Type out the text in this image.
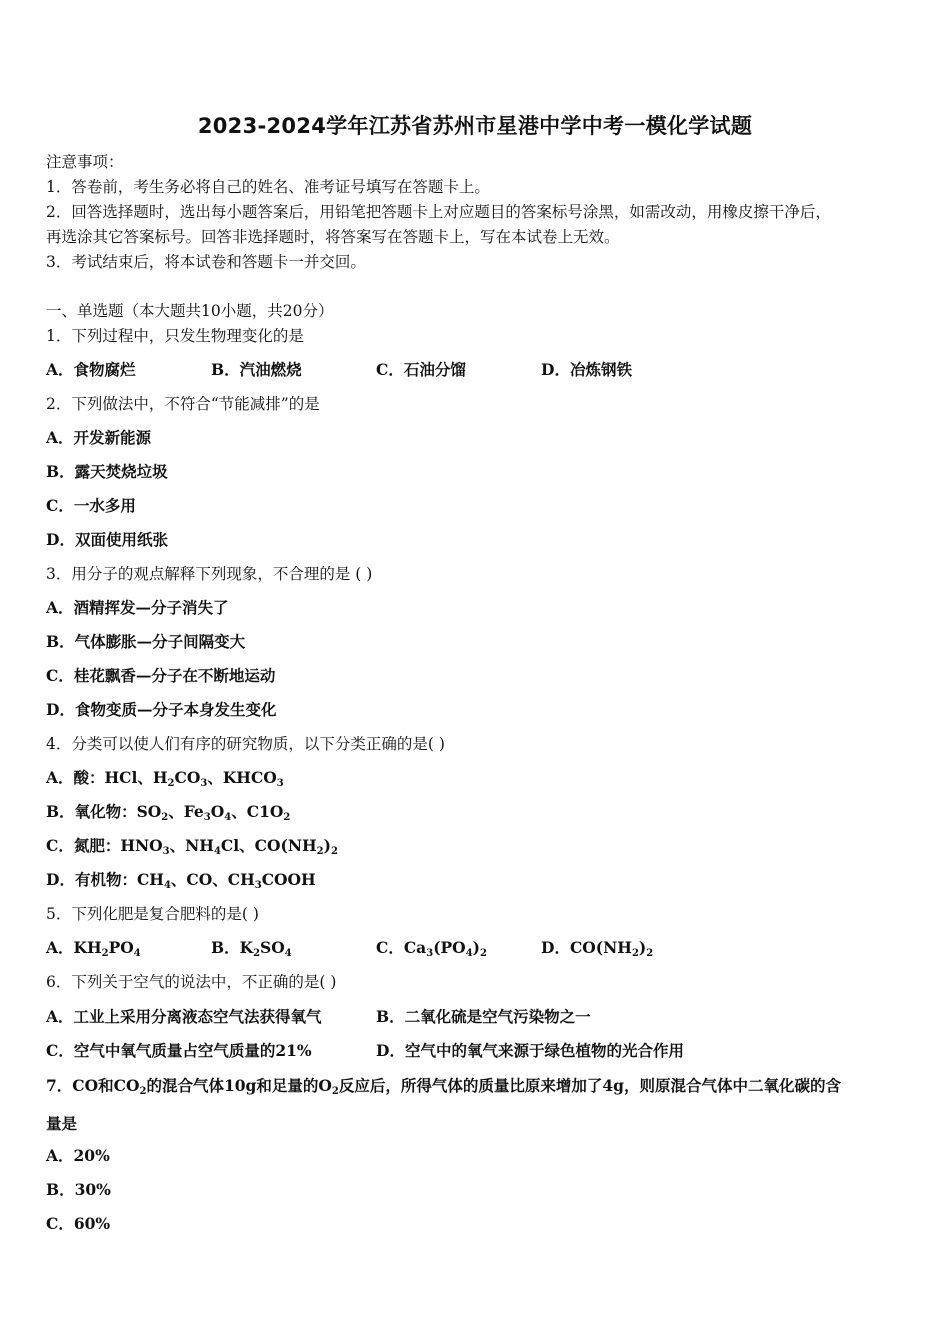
2023-2024学年江苏省苏州市星港中学中考一模化学试题
注意事项：
1．答卷前，考生务必将自己的姓名、准考证号填写在答题卡上。
2．回答选择题时，选出每小题答案后，用铅笔把答题卡上对应题目的答案标号涂黑，如需改动，用橡皮擦干净后，
再选涂其它答案标号。回答非选择题时，将答案写在答题卡上，写在本试卷上无效。
3．考试结束后，将本试卷和答题卡一并交回。
一、单选题（本大题共10小题，共20分）
1．下列过程中，只发生物理变化的是
A．食物腐烂	B．汽油燃烧	C．石油分馏	D．冶炼钢铁
2．下列做法中，不符合“节能减排”的是
A．开发新能源
B．露天焚烧垃圾
C．一水多用
D．双面使用纸张
3．用分子的观点解释下列现象，不合理的是 ( )
A．酒精挥发—分子消失了
B．气体膨胀—分子间隔变大
C．桂花飘香—分子在不断地运动
D．食物变质—分子本身发生变化
4．分类可以使人们有序的研究物质，以下分类正确的是( )
A．酸：HCl、$H_2CO_3$、$KHCO_3$
B．氧化物：$SO_2$、$Fe_3O_4$、$C1O_2$
C．氮肥：$HNO_3$、$NH_4Cl$、$CO(NH_2)_2$
D．有机物：$CH_4$、CO、$CH_3COOH$
5．下列化肥是复合肥料的是( )
A．$KH_2PO_4$	B．$K_2SO_4$	C．$Ca_3(PO_4)_2$	D．$CO(NH_2)_2$
6．下列关于空气的说法中，不正确的是( )
A．工业上采用分离液态空气法获得氧气	B．二氧化硫是空气污染物之一
C．空气中氧气质量占空气质量的21%	D．空气中的氧气来源于绿色植物的光合作用
7．CO和$CO_2$的混合气体10g和足量的$O_2$反应后，所得气体的质量比原来增加了4g，则原混合气体中二氧化碳的含
量是
A．20%
B．30%
C．60%
